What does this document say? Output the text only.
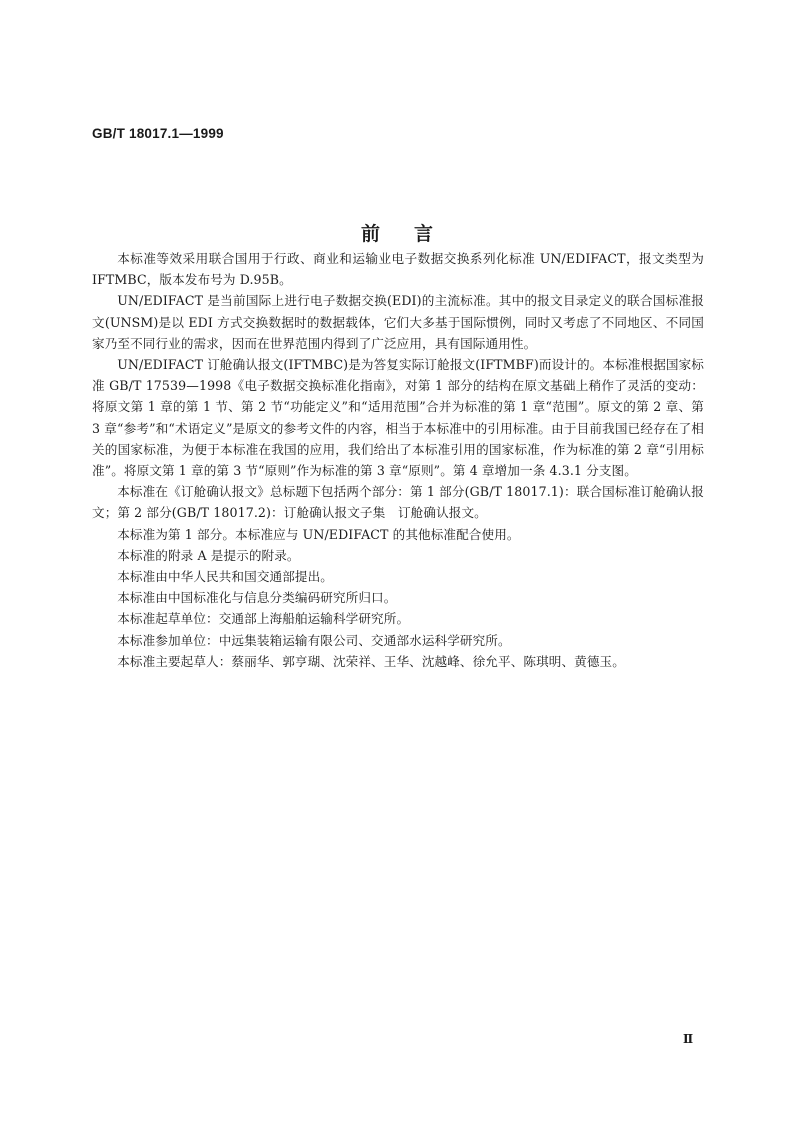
GB/T 18017.1—1999
前言

本标准等效采用联合国用于行政、商业和运输业电子数据交换系列化标准 UN/EDIFACT，报文类型为 IFTMBC，版本发布号为 D.95B。

UN/EDIFACT 是当前国际上进行电子数据交换(EDI)的主流标准。其中的报文目录定义的联合国标准报文(UNSM)是以 EDI 方式交换数据时的数据载体，它们大多基于国际惯例，同时又考虑了不同地区、不同国家乃至不同行业的需求，因而在世界范围内得到了广泛应用，具有国际通用性。

UN/EDIFACT 订舱确认报文(IFTMBC)是为答复实际订舱报文(IFTMBF)而设计的。本标准根据国家标准 GB/T 17539—1998《电子数据交换标准化指南》，对第 1 部分的结构在原文基础上稍作了灵活的变动：将原文第 1 章的第 1 节、第 2 节“功能定义”和“适用范围”合并为标准的第 1 章“范围”。原文的第 2 章、第 3 章“参考”和“术语定义”是原文的参考文件的内容，相当于本标准中的引用标准。由于目前我国已经存在了相关的国家标准，为便于本标准在我国的应用，我们给出了本标准引用的国家标准，作为标准的第 2 章“引用标准”。将原文第 1 章的第 3 节“原则”作为标准的第 3 章“原则”。第 4 章增加一条 4.3.1 分支图。

本标准在《订舱确认报文》总标题下包括两个部分：第 1 部分(GB/T 18017.1)：联合国标准订舱确认报文；第 2 部分(GB/T 18017.2)：订舱确认报文子集　订舱确认报文。

本标准为第 1 部分。本标准应与 UN/EDIFACT 的其他标准配合使用。

本标准的附录 A 是提示的附录。

本标准由中华人民共和国交通部提出。

本标准由中国标准化与信息分类编码研究所归口。

本标准起草单位：交通部上海船舶运输科学研究所。

本标准参加单位：中远集装箱运输有限公司、交通部水运科学研究所。

本标准主要起草人：蔡丽华、郭亨瑚、沈荣祥、王华、沈越峰、徐允平、陈琪明、黄德玉。

Ⅱ
